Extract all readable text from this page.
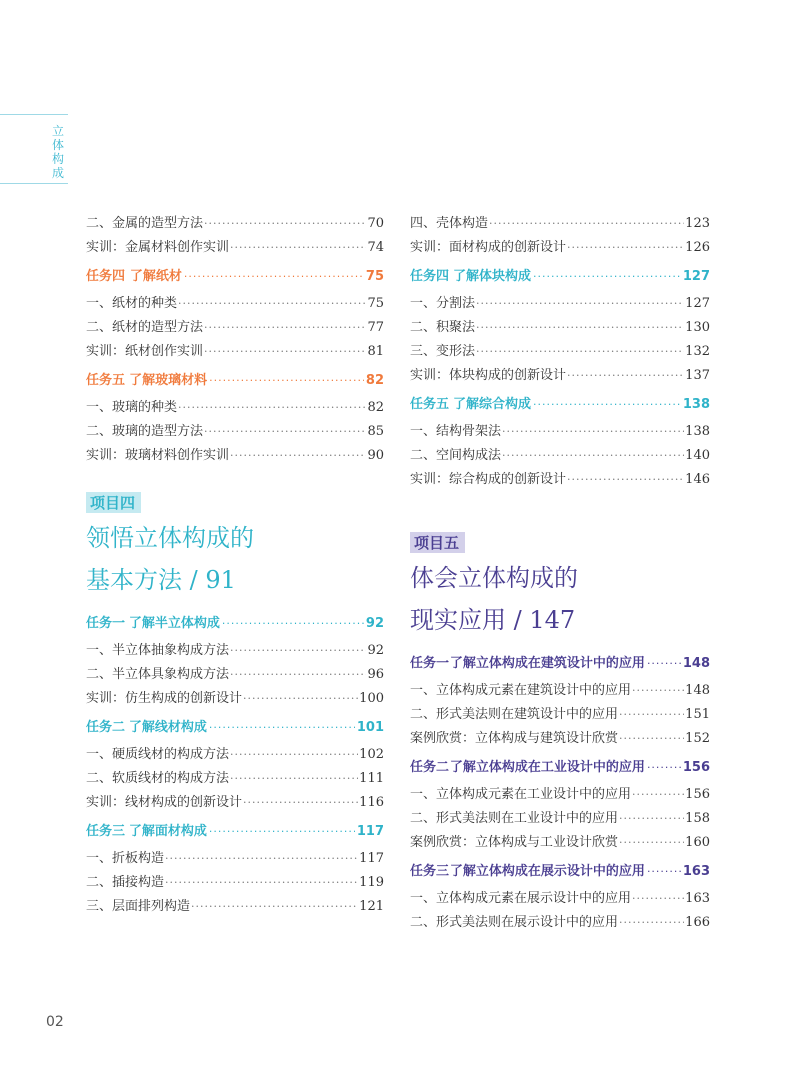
立体构成
二、金属的造型方法 ·····	70
实训：金属材料创作实训 ·····	74
任务四 了解纸材 ·····	75
一、纸材的种类 ·····	75
二、纸材的造型方法 ·····	77
实训：纸材创作实训 ·····	81
任务五 了解玻璃材料 ·····	82
一、玻璃的种类 ·····	82
二、玻璃的造型方法 ·····	85
实训：玻璃材料创作实训 ·····	90
项目四
领悟立体构成的
基本方法 / 91
任务一 了解半立体构成 ·····	92
一、半立体抽象构成方法 ·····	92
二、半立体具象构成方法 ·····	96
实训：仿生构成的创新设计 ·····	100
任务二 了解线材构成 ·····	101
一、硬质线材的构成方法 ·····	102
二、软质线材的构成方法 ·····	111
实训：线材构成的创新设计 ·····	116
任务三 了解面材构成 ·····	117
一、折板构造 ·····	117
二、插接构造 ·····	119
三、层面排列构造 ·····	121
四、壳体构造 ·····	123
实训：面材构成的创新设计 ·····	126
任务四 了解体块构成 ·····	127
一、分割法 ·····	127
二、积聚法 ·····	130
三、变形法 ·····	132
实训：体块构成的创新设计 ·····	137
任务五 了解综合构成 ·····	138
一、结构骨架法 ·····	138
二、空间构成法 ·····	140
实训：综合构成的创新设计 ·····	146
项目五
体会立体构成的
现实应用 / 147
任务一 了解立体构成在建筑设计中的应用 ·····	148
一、立体构成元素在建筑设计中的应用 ·····	148
二、形式美法则在建筑设计中的应用 ·····	151
案例欣赏：立体构成与建筑设计欣赏 ·····	152
任务二 了解立体构成在工业设计中的应用 ·····	156
一、立体构成元素在工业设计中的应用 ·····	156
二、形式美法则在工业设计中的应用 ·····	158
案例欣赏：立体构成与工业设计欣赏 ·····	160
任务三 了解立体构成在展示设计中的应用 ·····	163
一、立体构成元素在展示设计中的应用 ·····	163
二、形式美法则在展示设计中的应用 ·····	166
02
